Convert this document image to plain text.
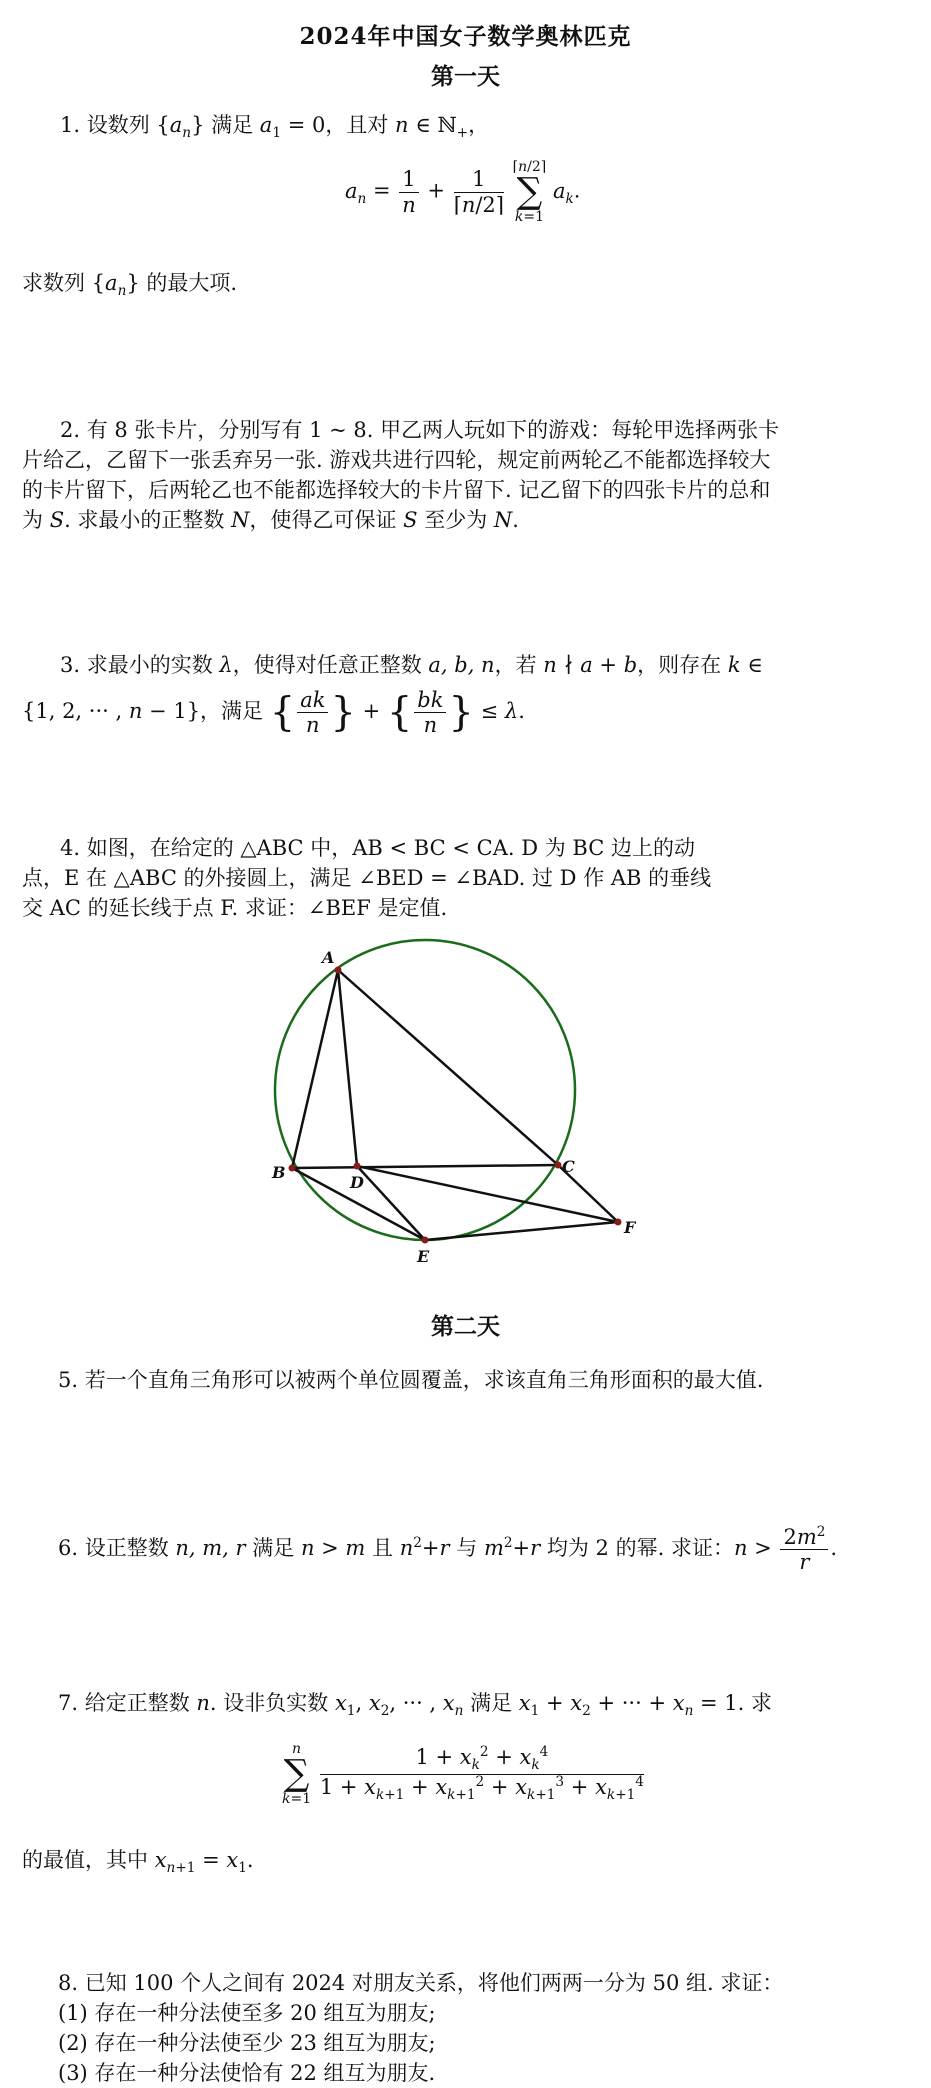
2024年中国女子数学奥林匹克
第一天
1. 设数列 $\{a_n\}$ 满足 $a_1 = 0$，且对 n ∈ ℕ$_+$，
$a_n = \frac{1}{n} + \frac{1}{⌈n/2⌉}$

⌈n/2⌉
∑
k=1
$a_k$.
求数列 $\{a_n\}$ 的最大项.
2. 有 8 张卡片，分别写有 1 ~ 8. 甲乙两人玩如下的游戏：每轮甲选择两张卡
片给乙，乙留下一张丢弃另一张. 游戏共进行四轮，规定前两轮乙不能都选择较大
的卡片留下，后两轮乙也不能都选择较大的卡片留下. 记乙留下的四张卡片的总和
为 S. 求最小的正整数 N，使得乙可保证 S 至少为 N.
3. 求最小的实数 λ，使得对任意正整数 a, b, n，若 n ∤ a + b，则存在 k ∈
{1, 2, ··· , n − 1}，满足 { $\frac{ak}{n}$ } + { $\frac{bk}{n}$ } ≤ λ.
4. 如图，在给定的 △ABC 中，AB < BC < CA. D 为 BC 边上的动
点，E 在 △ABC 的外接圆上，满足 ∠BED = ∠BAD. 过 D 作 AB 的垂线
交 AC 的延长线于点 F. 求证：∠BEF 是定值.
A
B	C
D
E
F
第二天
5. 若一个直角三角形可以被两个单位圆覆盖，求该直角三角形面积的最大值.
6. 设正整数 n, m, r 满足 n > m 且 $n^2+r$ 与 $m^2+r$ 均为 2 的幂. 求证：$n > \frac{2m^2}{r}$ .
7. 给定正整数 n. 设非负实数 $x_1$, $x_2$, ··· , $x_n$ 满足 $x_1 + x_2$ + ··· + $x_n = 1$. 求
n
∑
k=1
$\frac{1 + x_k^2 + x_k^4}{1 + x_{k+1} + x_{k+1}^2 + x_{k+1}^3 + x_{k+1}^4}$
的最值，其中 $x_{n+1} = x_1$.
8. 已知 100 个人之间有 2024 对朋友关系，将他们两两一分为 50 组. 求证：
(1) 存在一种分法使至多 20 组互为朋友;
(2) 存在一种分法使至少 23 组互为朋友;
(3) 存在一种分法使恰有 22 组互为朋友.
